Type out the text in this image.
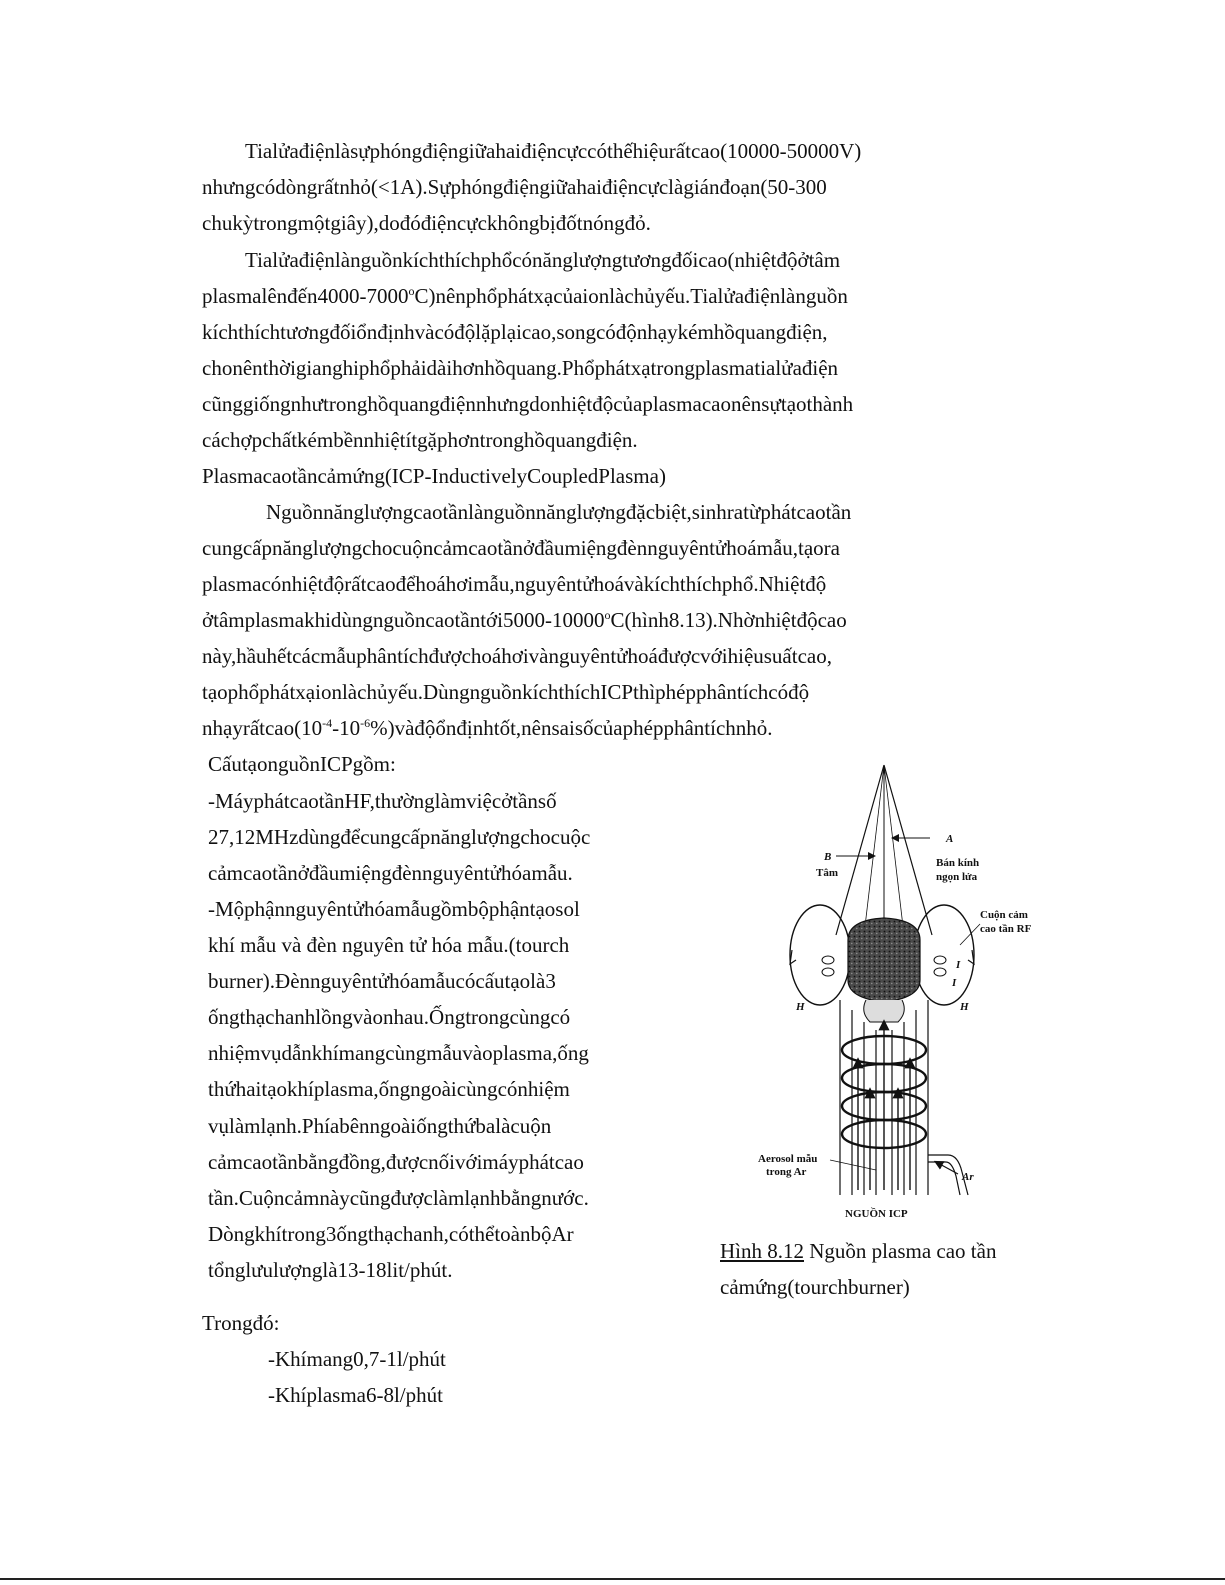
Tialửađiệnlàsựphóngđiệngiữahaiđiệncựccóthếhiệurấtcao(10000-50000V)
nhưngcódòngrấtnhỏ(<1A).Sựphóngđiệngiữahaiđiệncựclàgiánđoạn(50-300
chukỳtrongmộtgiây),dođóđiệncựckhôngbịđốtnóngđỏ.
Tialửađiệnlànguồnkíchthíchphổcónănglượngtươngđốicao(nhiệtđộởtâm
plasmalênđến4000-7000$^o$C)nênphổphátxạcủaionlàchủyếu.Tialửađiệnlànguồn
kíchthíchtươngđốiổnđịnhvàcóđộlặplạicao,songcóđộnhạykémhồquangđiện,
chonênthờigianghiphổphảidàihơnhồquang.Phổphátxạtrongplasmatialửađiện
cũnggiốngnhưtronghồquangđiệnnhưngdonhiệtđộcủaplasmacaonênsựtạothành
cáchợpchấtkémbềnnhiệtítgặphơntronghồquangđiện.
Plasmacaotầncảmứng(ICP-InductivelyCoupledPlasma)
Nguồnnănglượngcaotầnlànguồnnănglượngđặcbiệt,sinhratừphátcaotần
cungcấpnănglượngchocuộncảmcaotầnởđầumiệngđènnguyêntửhoámẫu,tạora
plasmacónhiệtđộrấtcaođểhoáhơimẫu,nguyêntửhoávàkíchthíchphổ.Nhiệtđộ
ởtâmplasmakhidùngnguồncaotầntới5000-10000$^o$C(hình8.13).Nhờnhiệtđộcao
này,hầuhếtcácmẫuphântíchđượchoáhơivànguyêntửhoáđượcvớihiệusuấtcao,
tạophổphátxạionlàchủyếu.DùngnguồnkíchthíchICPthìphépphântíchcóđộ
$nhạyrấtcao(10^{-4}-10^{-6}\%)vàđộổnđịnhtốt,nênsaisốcủaphépphântíchnhỏ$.
CấutạonguồnICPgồm:
-MáyphátcaotầnHF,thườnglàmviệcởtầnsố
27,12MHzdùngđểcungcấpnănglượngchocuộc
cảmcaotầnởđầumiệngđènnguyêntửhóamẫu.
-Mộphậnnguyêntửhóamẫugồmbộphậntạosol
khí mẫu và đèn nguyên tử hóa mẫu.(tourch
burner).Đènnguyêntửhóamẫucócấutạolà3
ốngthạchanhlồngvàonhau.Ốngtrongcùngcó
nhiệmvụdẫnkhímangcùngmẫuvàoplasma,ống
thứhaitạokhíplasma,ốngngoàicùngcónhiệm
vụlàmlạnh.Phíabênngoàiốngthứbalàcuộn
cảmcaotầnbằngđồng,đượcnốivớimáyphátcao
tần.Cuộncảmnàycũngđượclàmlạnhbằngnước.
Dòngkhítrong3ốngthạchanh,cóthểtoànbộAr
tổnglưulượnglà13-18lit/phút.
Trongđó:
-Khímang0,7-1l/phút
-Khíplasma6-8l/phút
A
B
Tâm
Bán kính
ngọn lửa
Cuộn cảm
cao tần RF
H	H
I
I
Ar
Aerosol mẫu
trong Ar
NGUỒN ICP
Hình 8.12 Nguồn plasma cao tần
cảmứng(tourchburner)
